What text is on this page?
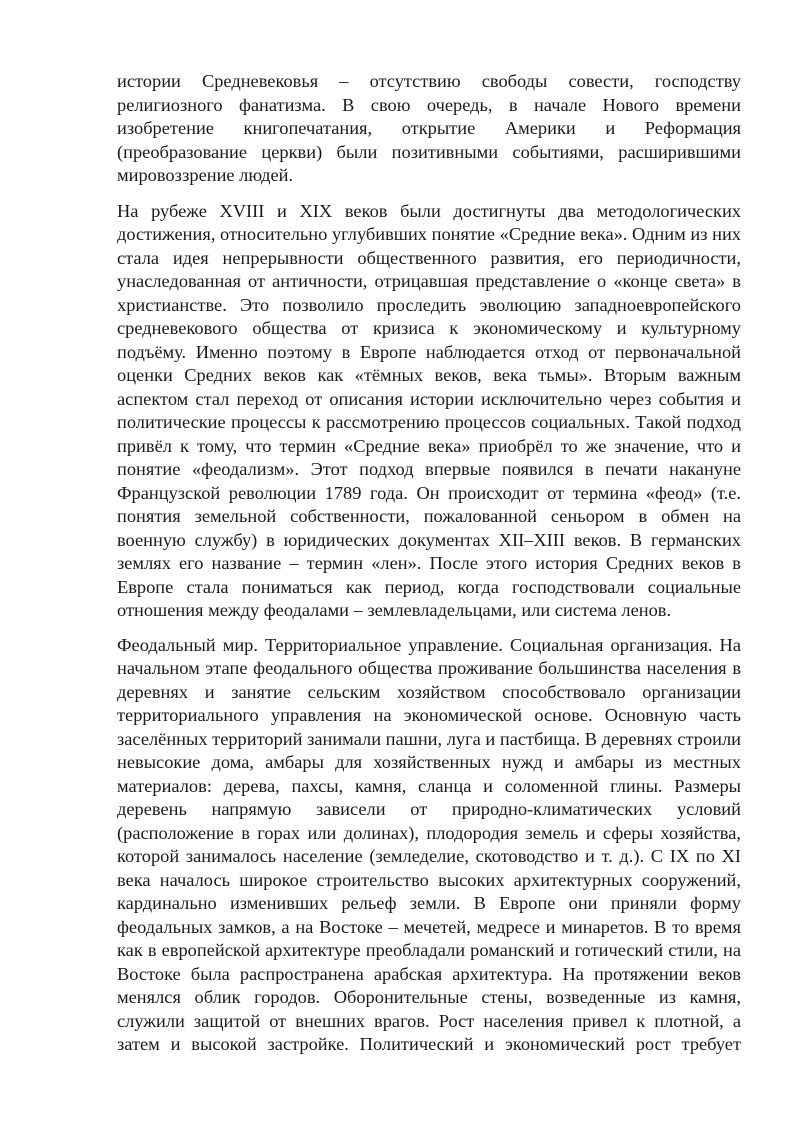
истории Средневековья – отсутствию свободы совести, господству религиозного фанатизма. В свою очередь, в начале Нового времени изобретение книгопечатания, открытие Америки и Реформация (преобразование церкви) были позитивными событиями, расширившими мировоззрение людей.

На рубеже XVIII и XIX веков были достигнуты два методологических достижения, относительно углубивших понятие «Средние века». Одним из них стала идея непрерывности общественного развития, его периодичности, унаследованная от античности, отрицавшая представление о «конце света» в христианстве. Это позволило проследить эволюцию западноевропейского средневекового общества от кризиса к экономическому и культурному подъёму. Именно поэтому в Европе наблюдается отход от первоначальной оценки Средних веков как «тёмных веков, века тьмы». Вторым важным аспектом стал переход от описания истории исключительно через события и политические процессы к рассмотрению процессов социальных. Такой подход привёл к тому, что термин «Средние века» приобрёл то же значение, что и понятие «феодализм». Этот подход впервые появился в печати накануне Французской революции 1789 года. Он происходит от термина «феод» (т.е. понятия земельной собственности, пожалованной сеньором в обмен на военную службу) в юридических документах XII–XIII веков. В германских землях его название – термин «лен». После этого история Средних веков в Европе стала пониматься как период, когда господствовали социальные отношения между феодалами – землевладельцами, или система ленов.

Феодальный мир. Территориальное управление. Социальная организация. На начальном этапе феодального общества проживание большинства населения в деревнях и занятие сельским хозяйством способствовало организации территориального управления на экономической основе. Основную часть заселённых территорий занимали пашни, луга и пастбища. В деревнях строили невысокие дома, амбары для хозяйственных нужд и амбары из местных материалов: дерева, пахсы, камня, сланца и соломенной глины. Размеры деревень напрямую зависели от природно-климатических условий (расположение в горах или долинах), плодородия земель и сферы хозяйства, которой занималось население (земледелие, скотоводство и т. д.). С IX по XI века началось широкое строительство высоких архитектурных сооружений, кардинально изменивших рельеф земли. В Европе они приняли форму феодальных замков, а на Востоке – мечетей, медресе и минаретов. В то время как в европейской архитектуре преобладали романский и готический стили, на Востоке была распространена арабская архитектура. На протяжении веков менялся облик городов. Оборонительные стены, возведенные из камня, служили защитой от внешних врагов. Рост населения привел к плотной, а затем и высокой застройке. Политический и экономический рост требует
